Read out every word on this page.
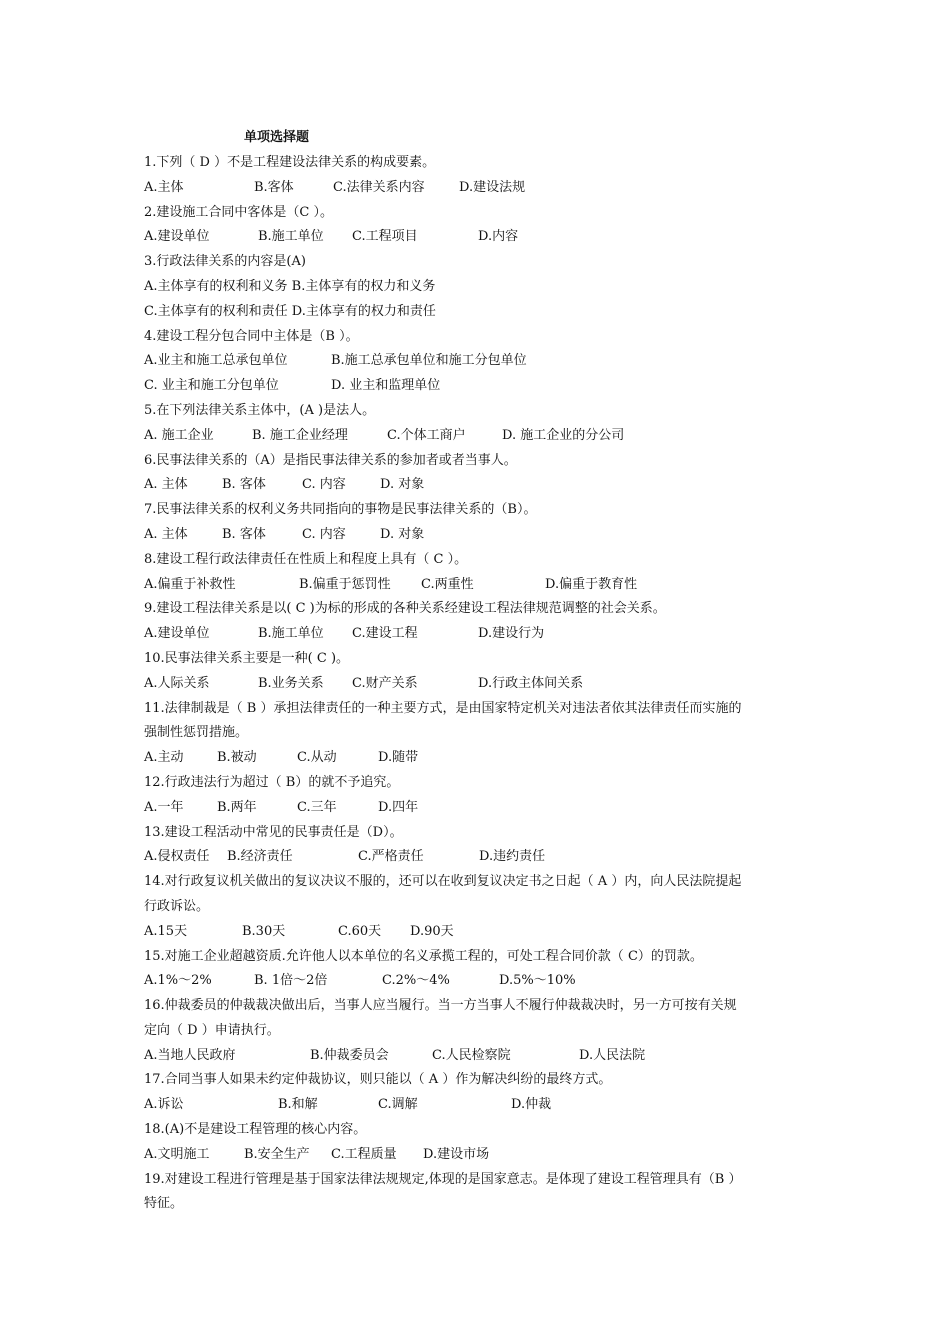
单项选择题
1.下列（ D ）不是工程建设法律关系的构成要素。
A.主体	B.客体	C.法律关系内容	D.建设法规
2.建设施工合同中客体是（C ）。
A.建设单位	B.施工单位 C.工程项目	D.内容
3.行政法律关系的内容是(A)
A.主体享有的权利和义务 B.主体享有的权力和义务
C.主体享有的权利和责任 D.主体享有的权力和责任
4.建设工程分包合同中主体是（B ）。
A.业主和施工总承包单位	B.施工总承包单位和施工分包单位
C. 业主和施工分包单位	D. 业主和监理单位
5.在下列法律关系主体中，(A )是法人。
A. 施工企业	B. 施工企业经理	C.个体工商户	D. 施工企业的分公司
6.民事法律关系的（A）是指民事法律关系的参加者或者当事人。
A. 主体	B. 客体	C. 内容	D. 对象
7.民事法律关系的权利义务共同指向的事物是民事法律关系的（B）。
A. 主体	B. 客体	C. 内容	D. 对象
8.建设工程行政法律责任在性质上和程度上具有（ C ）。
A.偏重于补救性	B.偏重于惩罚性 C.两重性	D.偏重于教育性
9.建设工程法律关系是以( C )为标的形成的各种关系经建设工程法律规范调整的社会关系。
A.建设单位	B.施工单位 C.建设工程	D.建设行为
10.民事法律关系主要是一种( C )。
A.人际关系	B.业务关系 C.财产关系	D.行政主体间关系
11.法律制裁是（ B ）承担法律责任的一种主要方式，是由国家特定机关对违法者依其法律责任而实施的
强制性惩罚措施。
A.主动	B.被动	C.从动	D.随带
12.行政违法行为超过（ B）的就不予追究。
A.一年	B.两年	C.三年	D.四年
13.建设工程活动中常见的民事责任是（D）。
A.侵权责任 B.经济责任	C.严格责任	D.违约责任
14.对行政复议机关做出的复议决议不服的，还可以在收到复议决定书之日起（ A ）内，向人民法院提起
行政诉讼。
A.15天	B.30天	C.60天 D.90天
15.对施工企业超越资质.允许他人以本单位的名义承揽工程的，可处工程合同价款（ C）的罚款。
A.1%～2%	B. 1倍～2倍	C.2%～4%	D.5%～10%
16.仲裁委员的仲裁裁决做出后，当事人应当履行。当一方当事人不履行仲裁裁决时，另一方可按有关规
定向（ D ）申请执行。
A.当地人民政府	B.仲裁委员会	C.人民检察院	D.人民法院
17.合同当事人如果未约定仲裁协议，则只能以（ A ）作为解决纠纷的最终方式。
A.诉讼	B.和解	C.调解	D.仲裁
18.(A)不是建设工程管理的核心内容。
A.文明施工	B.安全生产 C.工程质量 D.建设市场
19.对建设工程进行管理是基于国家法律法规规定,体现的是国家意志。是体现了建设工程管理具有（B ）
特征。
